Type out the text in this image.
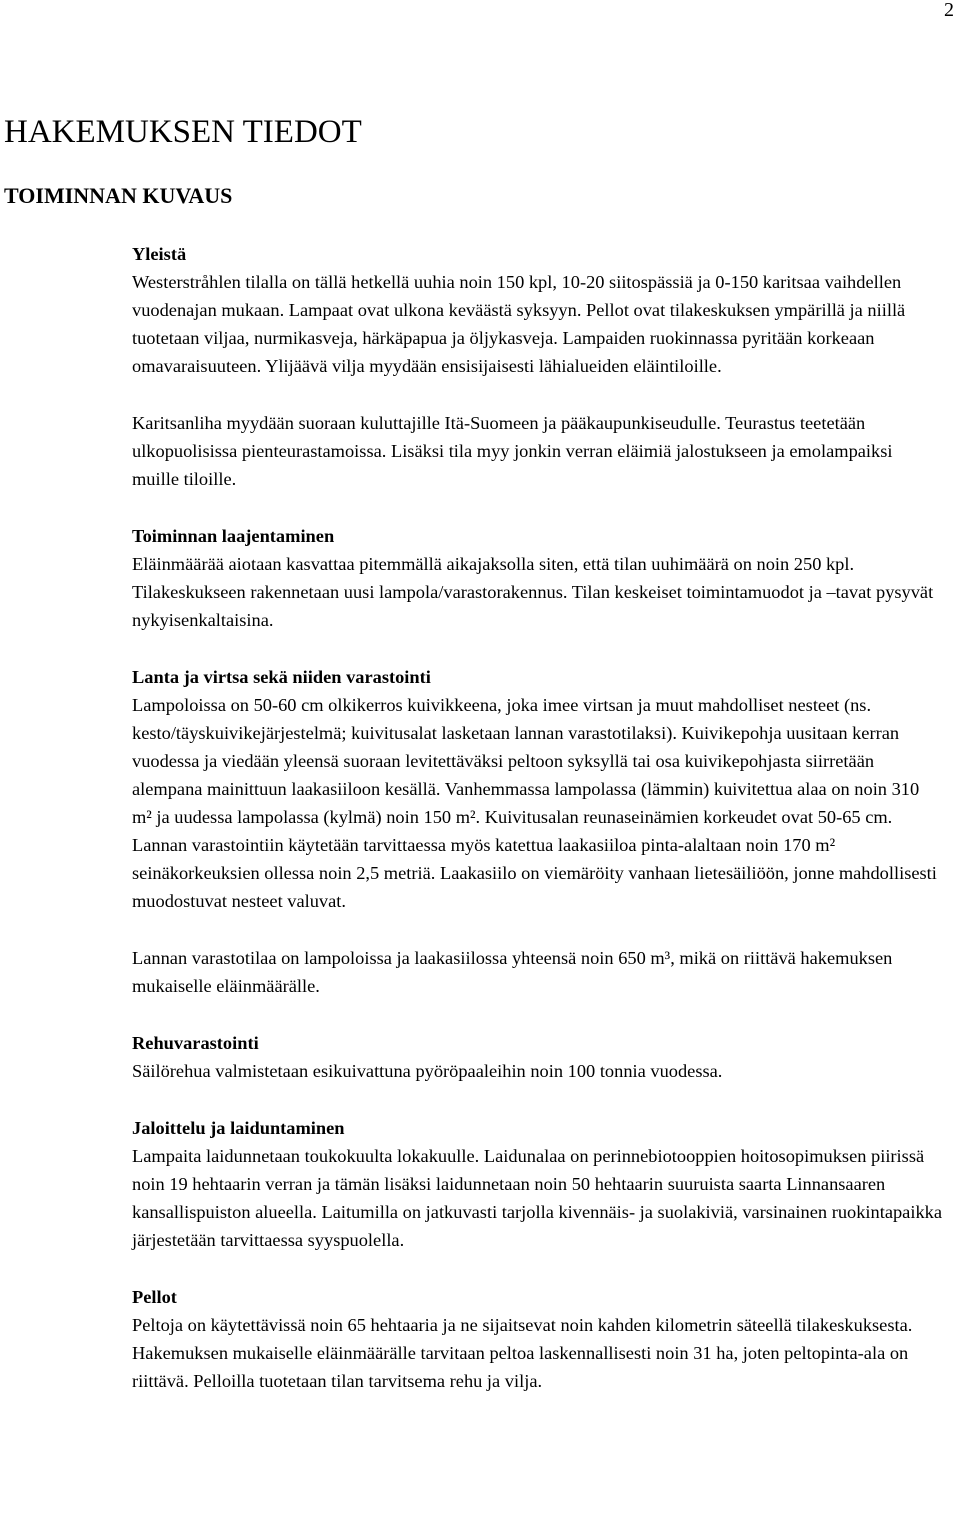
2
HAKEMUKSEN TIEDOT
TOIMINNAN KUVAUS
Yleistä
Westerstråhlen tilalla on tällä hetkellä uuhia noin 150 kpl, 10-20 siitospässiä ja 0-150 karitsaa vaihdellen vuodenajan mukaan. Lampaat ovat ulkona keväästä syksyyn. Pellot ovat tilakeskuksen ympärillä ja niillä tuotetaan viljaa, nurmikasveja, härkäpapua ja öljykasveja. Lampaiden ruokinnassa pyritään korkeaan omavaraisuuteen. Ylijäävä vilja myydään ensisijaisesti lähialueiden eläintiloille.
Karitsanliha myydään suoraan kuluttajille Itä-Suomeen ja pääkaupunkiseudulle. Teurastus teetetään ulkopuolisissa pienteurastamoissa. Lisäksi tila myy jonkin verran eläimiä jalostukseen ja emolampaiksi muille tiloille.
Toiminnan laajentaminen
Eläinmäärää aiotaan kasvattaa pitemmällä aikajaksolla siten, että tilan uuhimäärä on noin 250 kpl. Tilakeskukseen rakennetaan uusi lampola/varastorakennus. Tilan keskeiset toimintamuodot ja –tavat pysyvät nykyisenkaltaisina.
Lanta ja virtsa sekä niiden varastointi
Lampoloissa on 50-60 cm olkikerros kuivikkeena, joka imee virtsan ja muut mahdolliset nesteet (ns. kesto/täyskuivikejärjestelmä; kuivitusalat lasketaan lannan varastotilaksi). Kuivikepohja uusitaan kerran vuodessa ja viedään yleensä suoraan levitettäväksi peltoon syksyllä tai osa kuivikepohjasta siirretään alempana mainittuun laakasiiloon kesällä. Vanhemmassa lampolassa (lämmin) kuivitettua alaa on noin 310 m² ja uudessa lampolassa (kylmä) noin 150 m². Kuivitusalan reunaseinämien korkeudet ovat 50-65 cm. Lannan varastointiin käytetään tarvittaessa myös katettua laakasiiloa pinta-alaltaan noin 170 m² seinäkorkeuksien ollessa noin 2,5 metriä. Laakasiilo on viemäröity vanhaan lietesäiliöön, jonne mahdollisesti muodostuvat nesteet valuvat.
Lannan varastotilaa on lampoloissa ja laakasiilossa yhteensä noin 650 m³, mikä on riittävä hakemuksen mukaiselle eläinmäärälle.
Rehuvarastointi
Säilörehua valmistetaan esikuivattuna pyöröpaaleihin noin 100 tonnia vuodessa.
Jaloittelu ja laiduntaminen
Lampaita laidunnetaan toukokuulta lokakuulle. Laidunalaa on perinnebiotooppien hoitosopimuksen piirissä noin 19 hehtaarin verran ja tämän lisäksi laidunnetaan noin 50 hehtaarin suuruista saarta Linnansaaren kansallispuiston alueella. Laitumilla on jatkuvasti tarjolla kivennäis- ja suolakiviä, varsinainen ruokintapaikka järjestetään tarvittaessa syyspuolella.
Pellot
Peltoja on käytettävissä noin 65 hehtaaria ja ne sijaitsevat noin kahden kilometrin säteellä tilakeskuksesta. Hakemuksen mukaiselle eläinmäärälle tarvitaan peltoa laskennallisesti noin 31 ha, joten peltopinta-ala on riittävä. Pelloilla tuotetaan tilan tarvitsema rehu ja vilja.
